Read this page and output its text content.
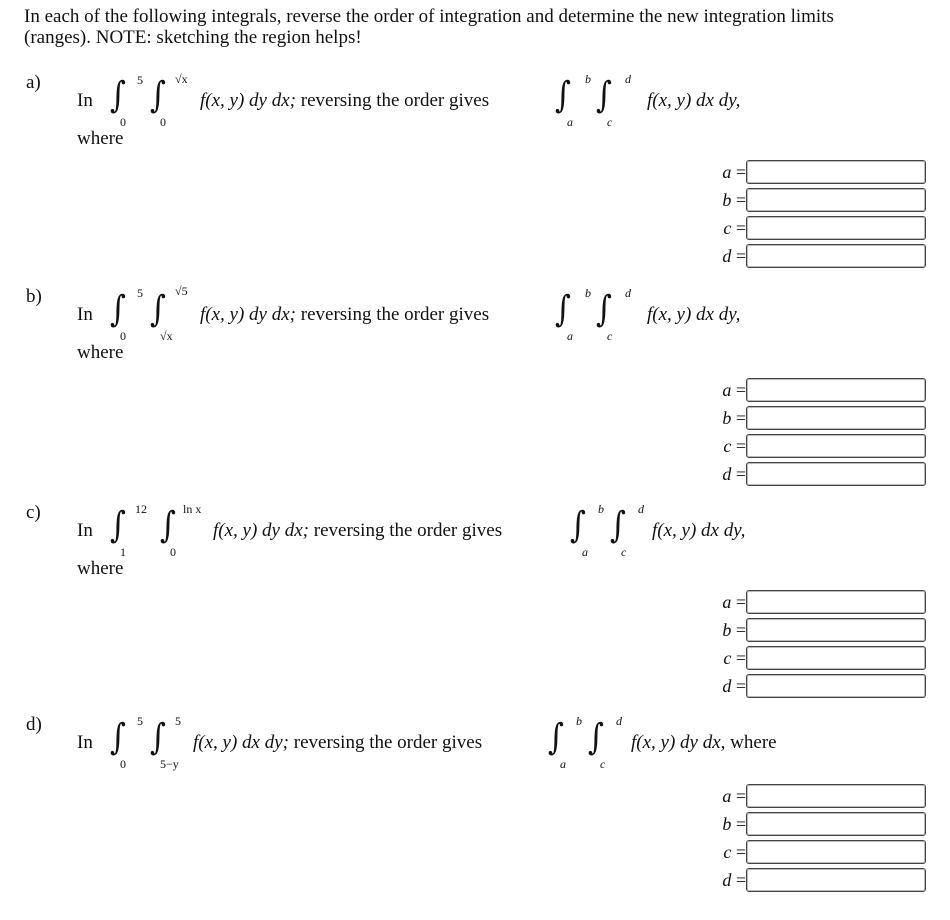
In each of the following integrals, reverse the order of integration and determine the new integration limits (ranges). NOTE: sketching the region helps!
a)
In ∫ 5
0
∫ √x
0
f(x, y) dy dx; reversing the order gives ∫ b
a
∫ d
c
f(x, y) dx dy,
where
a =
b =
c =
d =
b)
In ∫ 5
0
∫ √5
√x
f(x, y) dy dx; reversing the order gives ∫ b
a
∫ d
c
f(x, y) dx dy,
where
a =
b =
c =
d =
c)
In ∫ 12
1
∫ ln x
0
f(x, y) dy dx; reversing the order gives ∫ b
a
∫ d
c
f(x, y) dx dy,
where
a =
b =
c =
d =
d)
In ∫ 5
0
∫ 5
5−y
f(x, y) dx dy; reversing the order gives ∫ b
a
∫ d
c
f(x, y) dy dx, where
a =
b =
c =
d =
